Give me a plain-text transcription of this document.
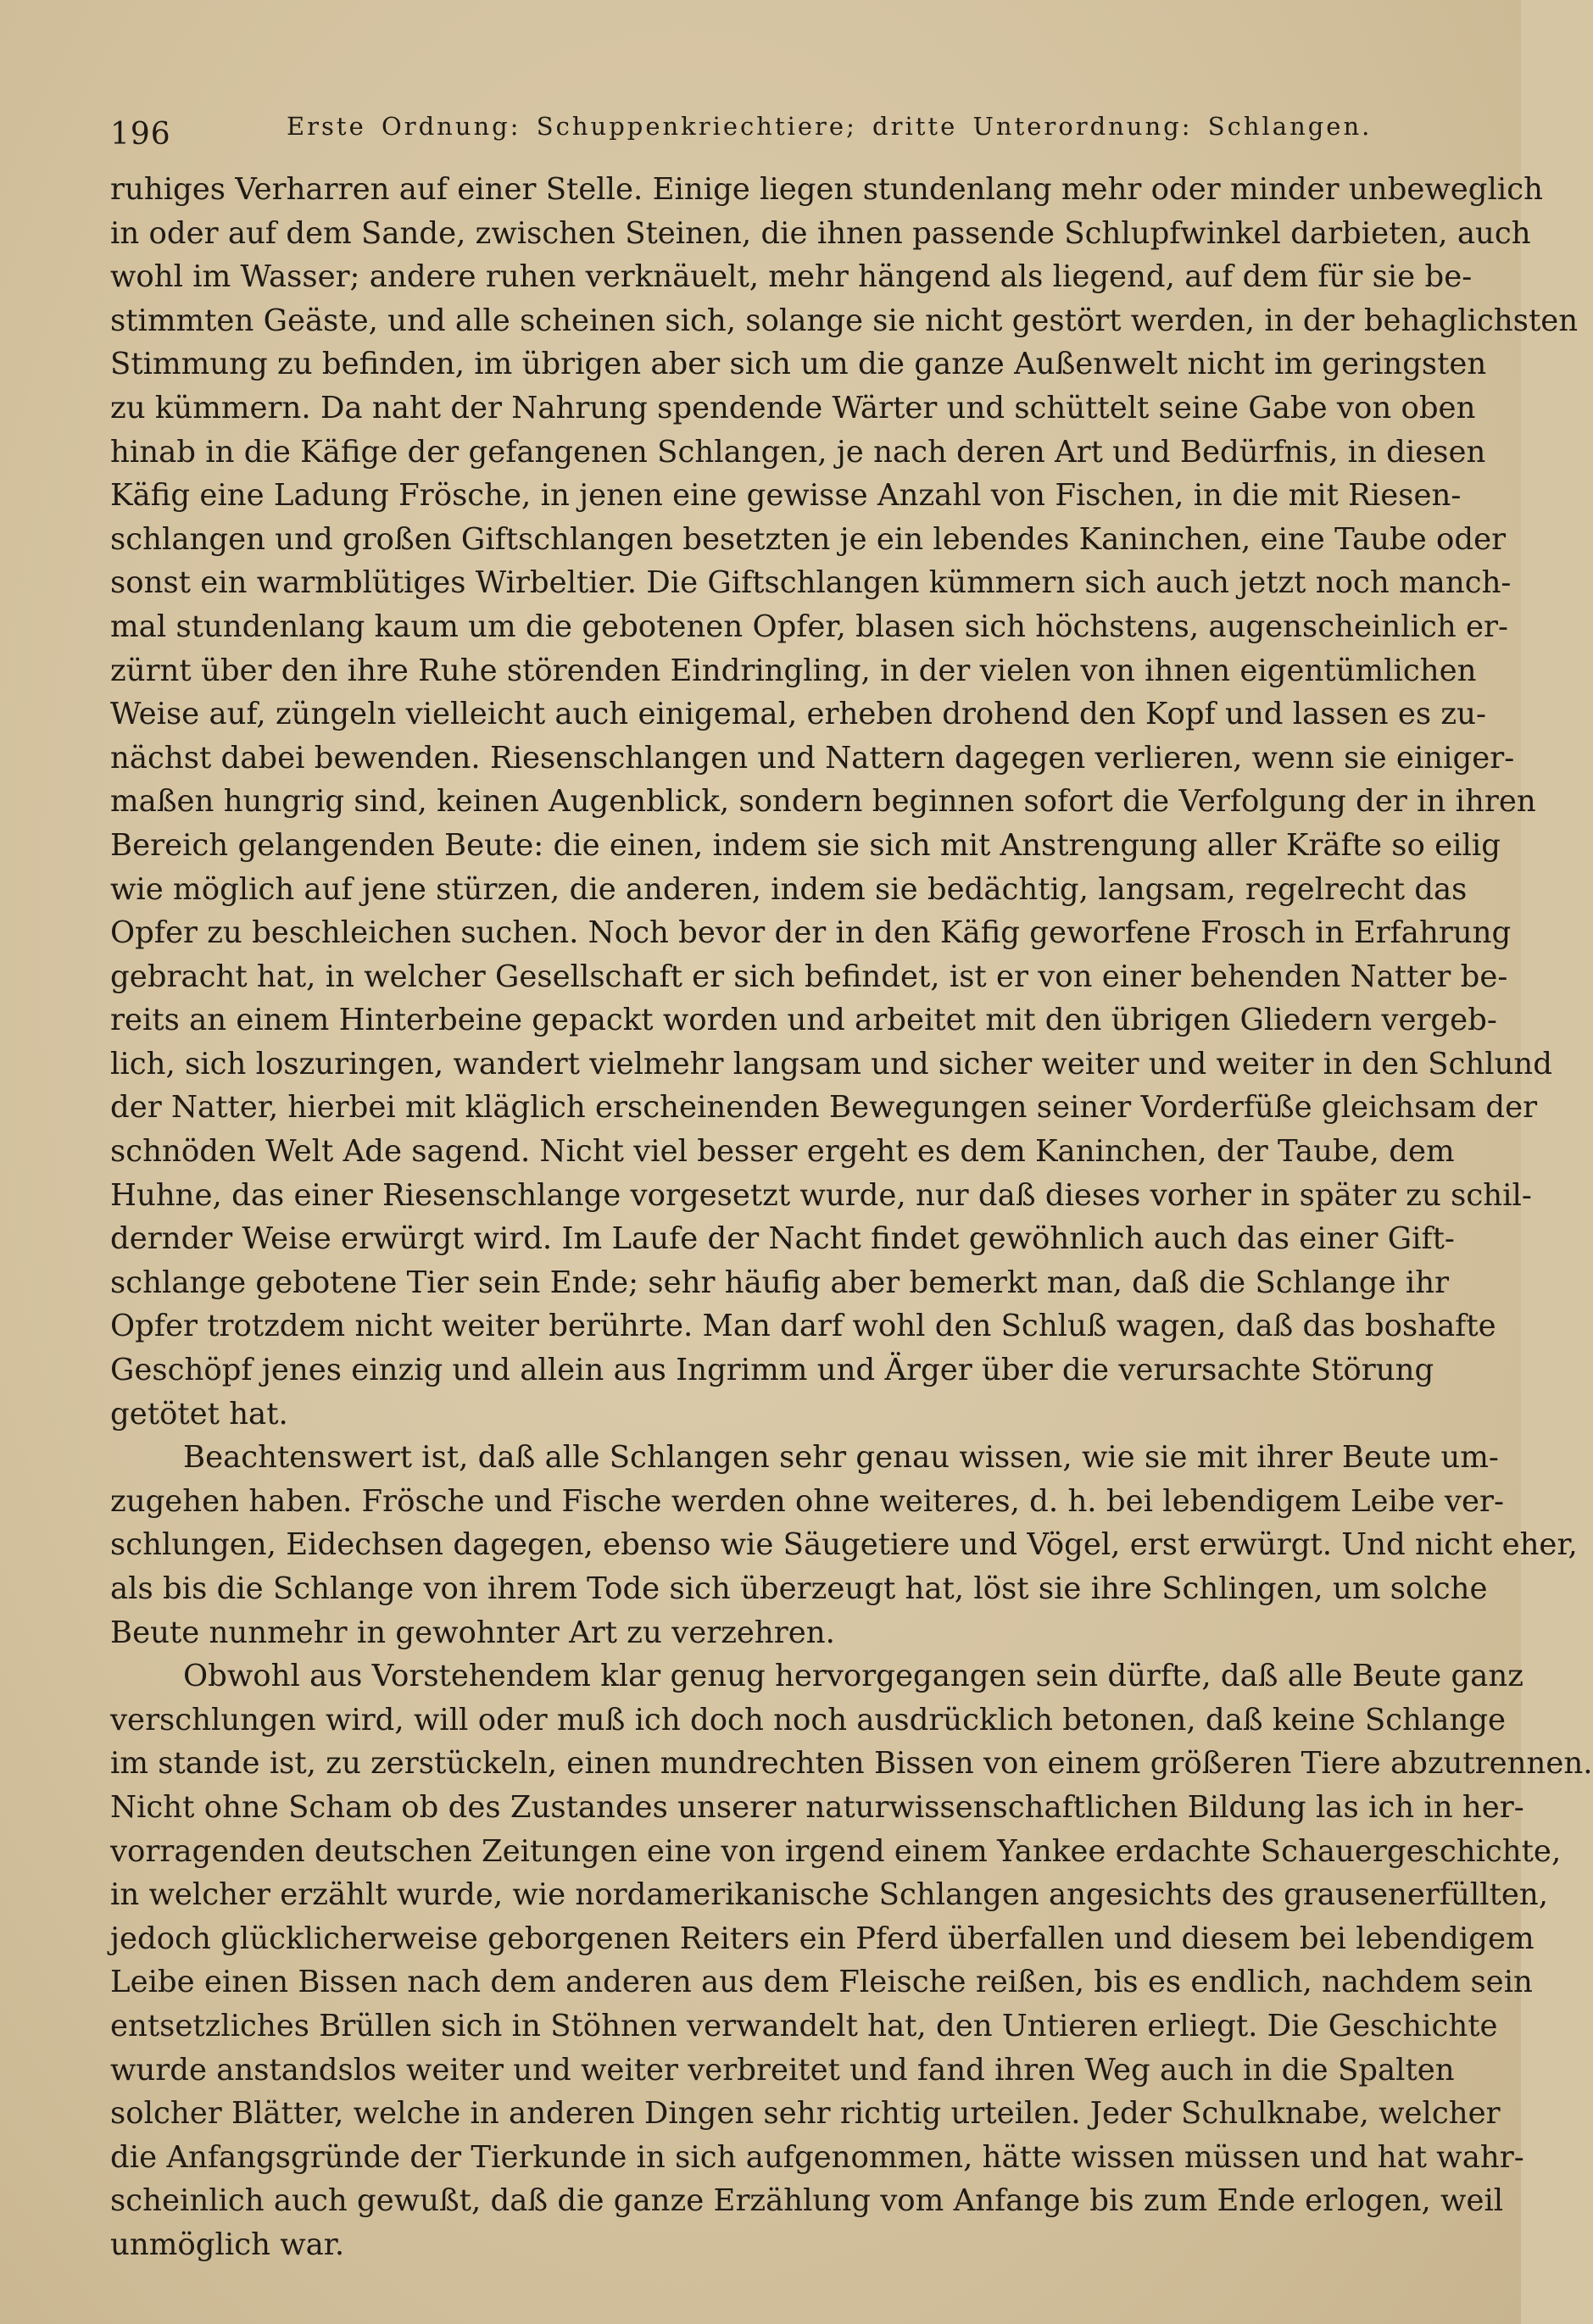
196	Erste Ordnung: Schuppenkriechtiere; dritte Unterordnung: Schlangen.
ruhiges Verharren auf einer Stelle. Einige liegen stundenlang mehr oder minder unbeweglich
in oder auf dem Sande, zwischen Steinen, die ihnen passende Schlupfwinkel darbieten, auch
wohl im Wasser; andere ruhen verknäuelt, mehr hängend als liegend, auf dem für sie be-
stimmten Geäste, und alle scheinen sich, solange sie nicht gestört werden, in der behaglichsten
Stimmung zu befinden, im übrigen aber sich um die ganze Außenwelt nicht im geringsten
zu kümmern. Da naht der Nahrung spendende Wärter und schüttelt seine Gabe von oben
hinab in die Käfige der gefangenen Schlangen, je nach deren Art und Bedürfnis, in diesen
Käfig eine Ladung Frösche, in jenen eine gewisse Anzahl von Fischen, in die mit Riesen-
schlangen und großen Giftschlangen besetzten je ein lebendes Kaninchen, eine Taube oder
sonst ein warmblütiges Wirbeltier. Die Giftschlangen kümmern sich auch jetzt noch manch-
mal stundenlang kaum um die gebotenen Opfer, blasen sich höchstens, augenscheinlich er-
zürnt über den ihre Ruhe störenden Eindringling, in der vielen von ihnen eigentümlichen
Weise auf, züngeln vielleicht auch einigemal, erheben drohend den Kopf und lassen es zu-
nächst dabei bewenden. Riesenschlangen und Nattern dagegen verlieren, wenn sie einiger-
maßen hungrig sind, keinen Augenblick, sondern beginnen sofort die Verfolgung der in ihren
Bereich gelangenden Beute: die einen, indem sie sich mit Anstrengung aller Kräfte so eilig
wie möglich auf jene stürzen, die anderen, indem sie bedächtig, langsam, regelrecht das
Opfer zu beschleichen suchen. Noch bevor der in den Käfig geworfene Frosch in Erfahrung
gebracht hat, in welcher Gesellschaft er sich befindet, ist er von einer behenden Natter be-
reits an einem Hinterbeine gepackt worden und arbeitet mit den übrigen Gliedern vergeb-
lich, sich loszuringen, wandert vielmehr langsam und sicher weiter und weiter in den Schlund
der Natter, hierbei mit kläglich erscheinenden Bewegungen seiner Vorderfüße gleichsam der
schnöden Welt Ade sagend. Nicht viel besser ergeht es dem Kaninchen, der Taube, dem
Huhne, das einer Riesenschlange vorgesetzt wurde, nur daß dieses vorher in später zu schil-
dernder Weise erwürgt wird. Im Laufe der Nacht findet gewöhnlich auch das einer Gift-
schlange gebotene Tier sein Ende; sehr häufig aber bemerkt man, daß die Schlange ihr
Opfer trotzdem nicht weiter berührte. Man darf wohl den Schluß wagen, daß das boshafte
Geschöpf jenes einzig und allein aus Ingrimm und Ärger über die verursachte Störung
getötet hat.
Beachtenswert ist, daß alle Schlangen sehr genau wissen, wie sie mit ihrer Beute um-
zugehen haben. Frösche und Fische werden ohne weiteres, d. h. bei lebendigem Leibe ver-
schlungen, Eidechsen dagegen, ebenso wie Säugetiere und Vögel, erst erwürgt. Und nicht eher,
als bis die Schlange von ihrem Tode sich überzeugt hat, löst sie ihre Schlingen, um solche
Beute nunmehr in gewohnter Art zu verzehren.
Obwohl aus Vorstehendem klar genug hervorgegangen sein dürfte, daß alle Beute ganz
verschlungen wird, will oder muß ich doch noch ausdrücklich betonen, daß keine Schlange
im stande ist, zu zerstückeln, einen mundrechten Bissen von einem größeren Tiere abzutrennen.
Nicht ohne Scham ob des Zustandes unserer naturwissenschaftlichen Bildung las ich in her-
vorragenden deutschen Zeitungen eine von irgend einem Yankee erdachte Schauergeschichte,
in welcher erzählt wurde, wie nordamerikanische Schlangen angesichts des grausenerfüllten,
jedoch glücklicherweise geborgenen Reiters ein Pferd überfallen und diesem bei lebendigem
Leibe einen Bissen nach dem anderen aus dem Fleische reißen, bis es endlich, nachdem sein
entsetzliches Brüllen sich in Stöhnen verwandelt hat, den Untieren erliegt. Die Geschichte
wurde anstandslos weiter und weiter verbreitet und fand ihren Weg auch in die Spalten
solcher Blätter, welche in anderen Dingen sehr richtig urteilen. Jeder Schulknabe, welcher
die Anfangsgründe der Tierkunde in sich aufgenommen, hätte wissen müssen und hat wahr-
scheinlich auch gewußt, daß die ganze Erzählung vom Anfange bis zum Ende erlogen, weil
unmöglich war.
